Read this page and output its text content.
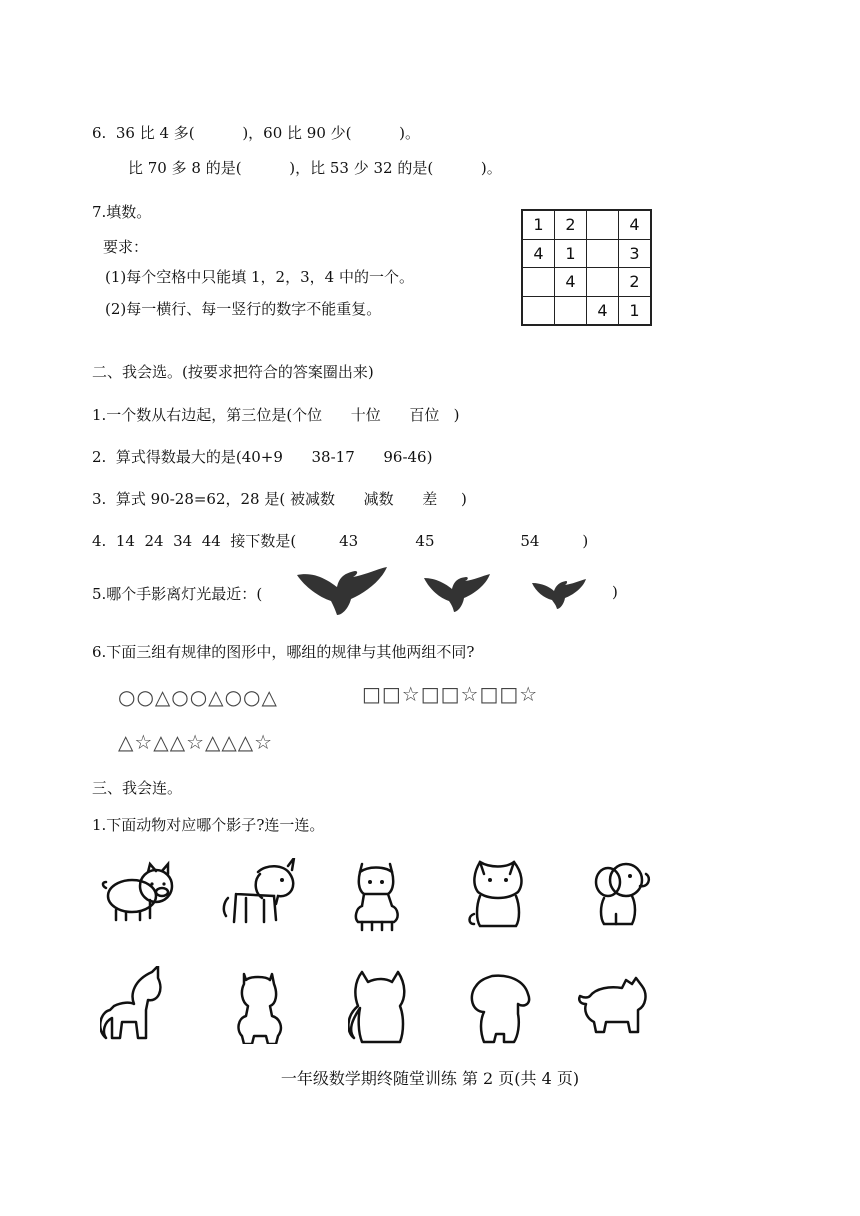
6.  36 比 4 多(          )，60 比 90 少(          )。
比 70 多 8 的是(          )，比 53 少 32 的是(          )。
7.填数。
要求：
(1)每个空格中只能填 1，2，3，4 中的一个。
(2)每一横行、每一竖行的数字不能重复。
1	2		4
4	1		3
	4		2
		4	1
二、我会选。(按要求把符合的答案圈出来)
1.一个数从右边起，第三位是(个位      十位      百位   )
2.  算式得数最大的是(40+9      38-17      96-46)
3.  算式 90-28=62，28 是( 被减数      减数      差     )
4.  14  24  34  44  接下数是(         43            45                  54         )
5.哪个手影离灯光最近：(	)
6.下面三组有规律的图形中，哪组的规律与其他两组不同?
○○△○○△○○△	□□☆□□☆□□☆
△☆△△☆△△△☆
三、我会连。
1.下面动物对应哪个影子?连一连。
一年级数学期终随堂训练 第 2 页(共 4 页)
